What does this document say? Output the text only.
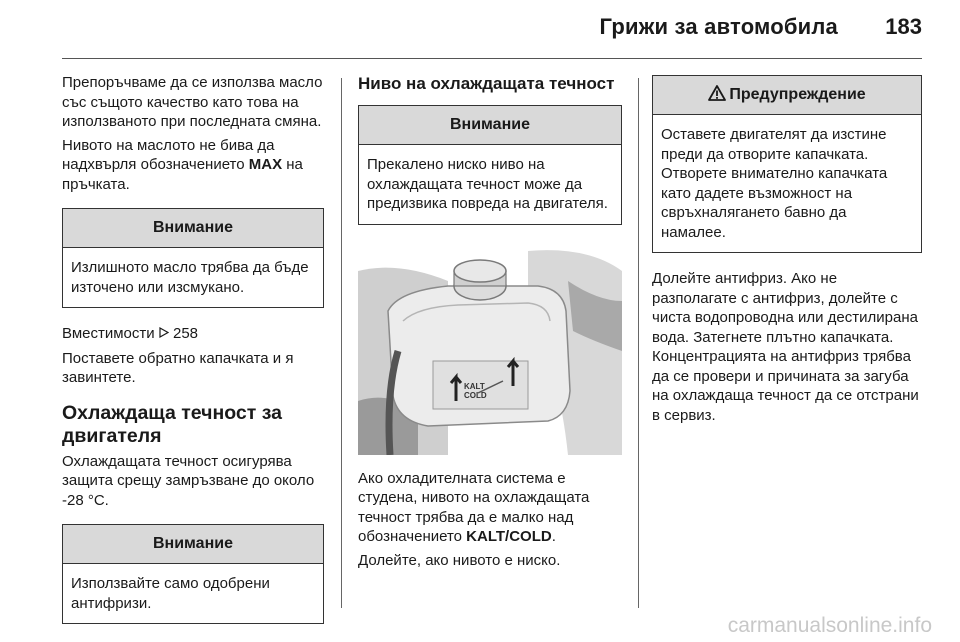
Грижи за автомобила 183

Препоръчваме да се използва масло със същото качество като това на използваното при последната смяна.

Нивото на маслото не бива да надхвърля обозначението MAX на пръчката.

Внимание
Излишното масло трябва да бъде източено или изсмукано.

Вместимости 258

Поставете обратно капачката и я завинтете.

Охлаждаща течност за двигателя

Охлаждащата течност осигурява защита срещу замръзване до около -28 °C.

Внимание
Използвайте само одобрени антифризи.
Ниво на охлаждащата течност
Внимание
Прекалено ниско ниво на охлаждащата течност може да предизвика повреда на двигателя.
KALT
COLD

Ако охладителната система е студена, нивото на охлаждащата течност трябва да е малко над обозначението KALT/COLD.

Долейте, ако нивото е ниско.

Предупреждение
Оставете двигателят да изстине преди да отворите капачката. Отворете внимателно капачката като дадете възможност на свръхналягането бавно да намалее.

Долейте антифриз. Ако не разполагате с антифриз, долейте с чиста водопроводна или дестилирана вода. Затегнете плътно капачката. Концентрацията на антифриз трябва да се провери и причината за загуба на охлаждаща течност да се отстрани в сервиз.

carmanualsonline.info
